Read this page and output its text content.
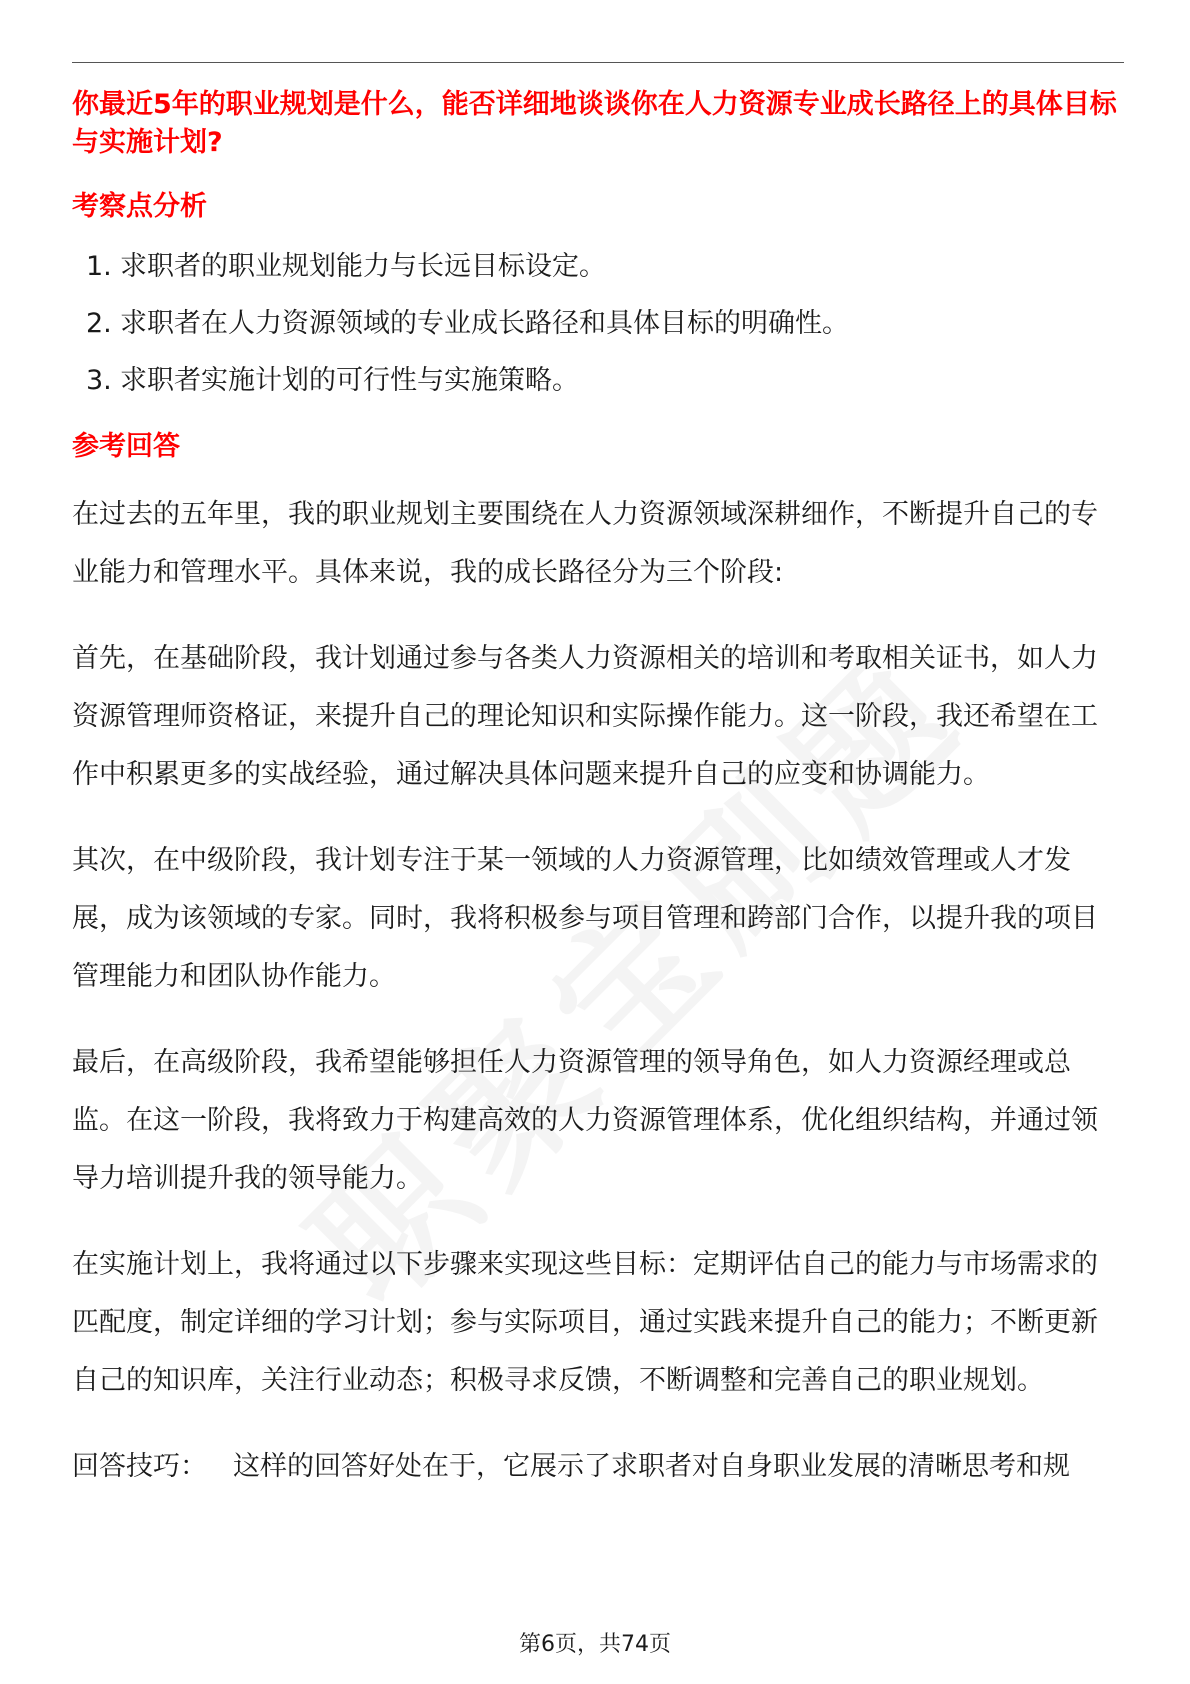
你最近5年的职业规划是什么，能否详细地谈谈你在人力资源专业成长路径上的具体目标与实施计划?

考察点分析

1. 求职者的职业规划能力与长远目标设定。
2. 求职者在人力资源领域的专业成长路径和具体目标的明确性。
3. 求职者实施计划的可行性与实施策略。

参考回答

在过去的五年里，我的职业规划主要围绕在人力资源领域深耕细作，不断提升自己的专业能力和管理水平。具体来说，我的成长路径分为三个阶段:

首先，在基础阶段，我计划通过参与各类人力资源相关的培训和考取相关证书，如人力资源管理师资格证，来提升自己的理论知识和实际操作能力。这一阶段，我还希望在工作中积累更多的实战经验，通过解决具体问题来提升自己的应变和协调能力。

其次，在中级阶段，我计划专注于某一领域的人力资源管理，比如绩效管理或人才发展，成为该领域的专家。同时，我将积极参与项目管理和跨部门合作，以提升我的项目管理能力和团队协作能力。

最后，在高级阶段，我希望能够担任人力资源管理的领导角色，如人力资源经理或总监。在这一阶段，我将致力于构建高效的人力资源管理体系，优化组织结构，并通过领导力培训提升我的领导能力。

在实施计划上，我将通过以下步骤来实现这些目标：定期评估自己的能力与市场需求的匹配度，制定详细的学习计划；参与实际项目，通过实践来提升自己的能力；不断更新自己的知识库，关注行业动态；积极寻求反馈，不断调整和完善自己的职业规划。

回答技巧： 这样的回答好处在于，它展示了求职者对自身职业发展的清晰思考和规

第6页，共74页
